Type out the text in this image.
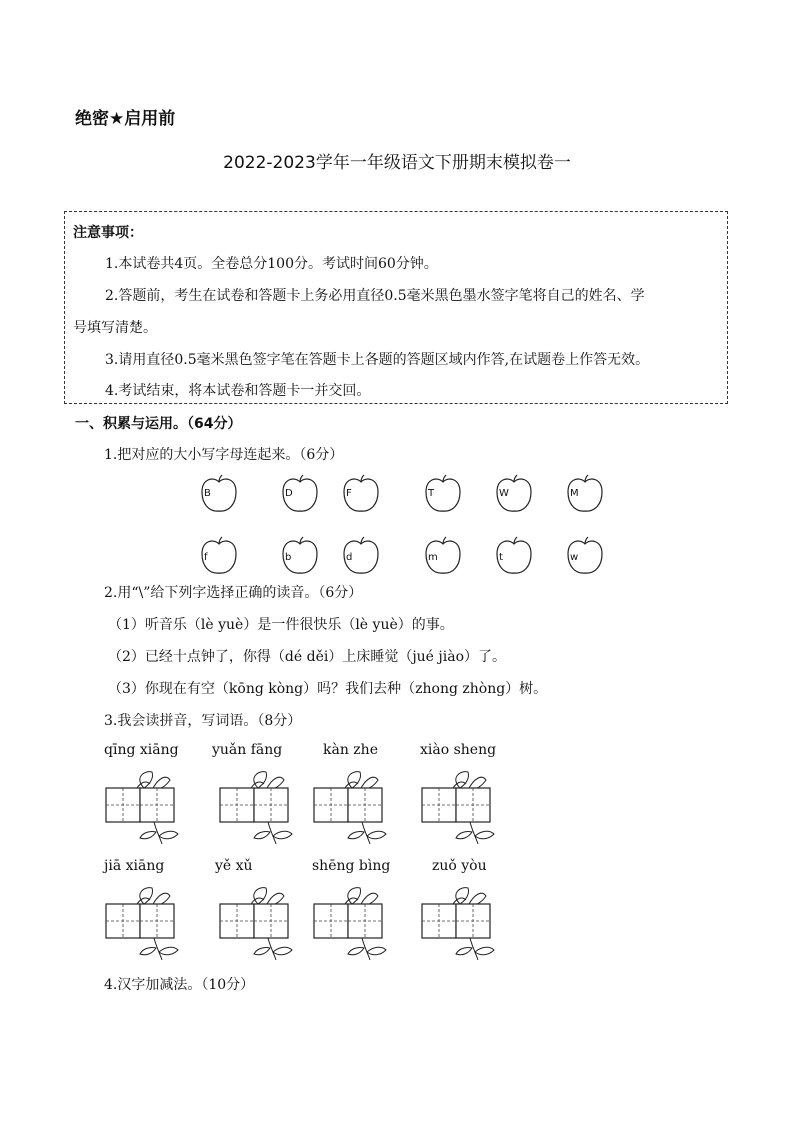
绝密★启用前
2022-2023学年一年级语文下册期末模拟卷一
注意事项：
1.本试卷共4页。全卷总分100分。考试时间60分钟。
2.答题前，考生在试卷和答题卡上务必用直径0.5毫米黑色墨水签字笔将自己的姓名、学
号填写清楚。
3.请用直径0.5毫米黑色签字笔在答题卡上各题的答题区域内作答,在试题卷上作答无效。
4.考试结束，将本试卷和答题卡一并交回。
一、积累与运用。（64分）
1.把对应的大小写字母连起来。（6分）
B	D	F	T	W	M
f	b	d	m	t	w
2.用“\”给下列字选择正确的读音。（6分）
（1）听音乐（lè yuè）是一件很快乐（lè yuè）的事。
（2）已经十点钟了，你得（dé děi）上床睡觉（jué jiào）了。
（3）你现在有空（kōng kòng）吗？我们去种（zhong zhòng）树。
3.我会读拼音，写词语。（8分）
qīng xiāng yuǎn fāng	kàn zhe	xiào sheng
jiā xiāng	yě xǔ	shēng bìng	zuǒ yòu
4.汉字加减法。（10分）
